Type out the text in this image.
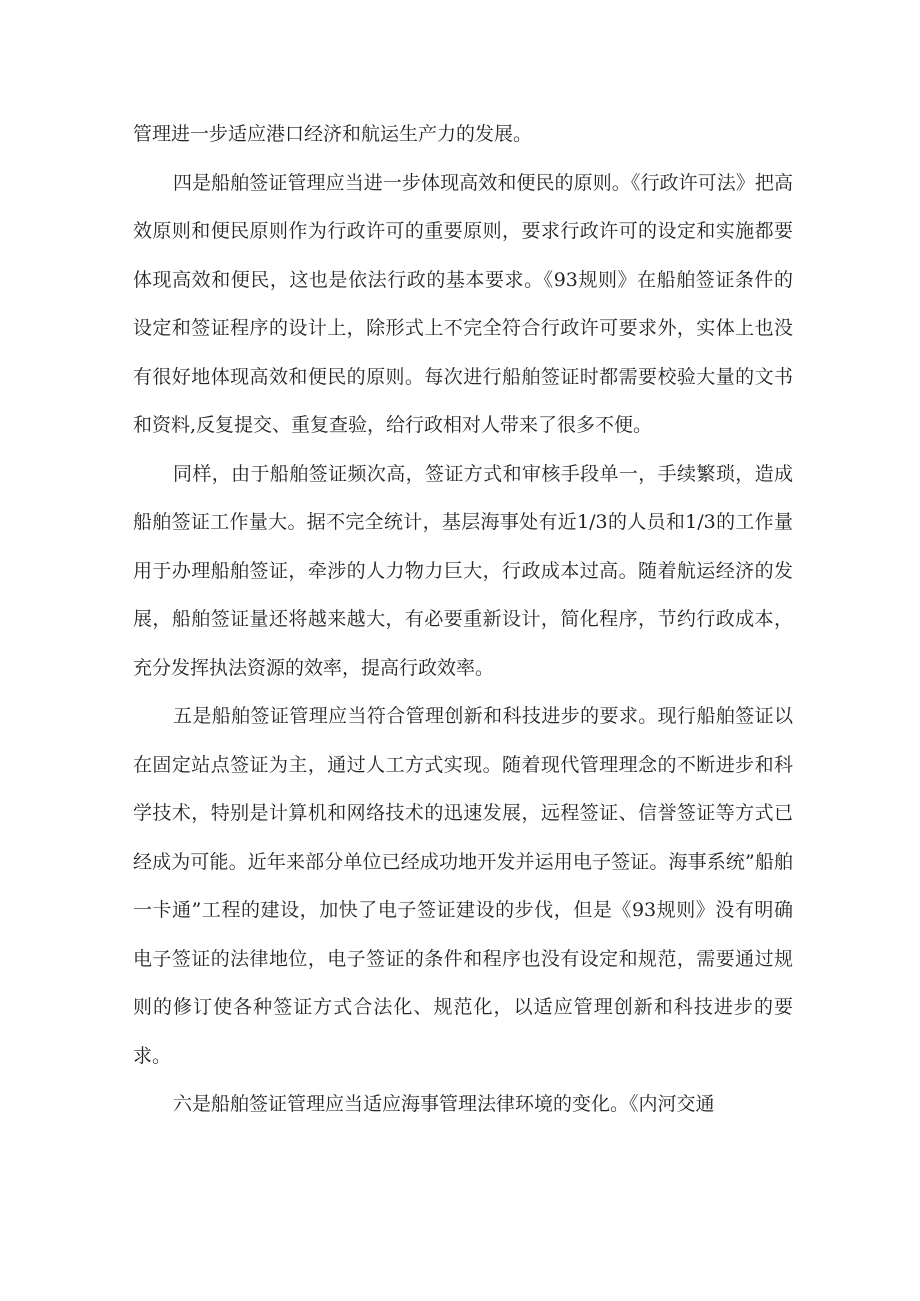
管理进一步适应港口经济和航运生产力的发展。

四是船舶签证管理应当进一步体现高效和便民的原则。《行政许可法》把高效原则和便民原则作为行政许可的重要原则，要求行政许可的设定和实施都要体现高效和便民，这也是依法行政的基本要求。《93规则》在船舶签证条件的设定和签证程序的设计上，除形式上不完全符合行政许可要求外，实体上也没有很好地体现高效和便民的原则。每次进行船舶签证时都需要校验大量的文书和资料,反复提交、重复查验，给行政相对人带来了很多不便。

同样，由于船舶签证频次高，签证方式和审核手段单一，手续繁琐，造成船舶签证工作量大。据不完全统计，基层海事处有近1/3的人员和1/3的工作量用于办理船舶签证，牵涉的人力物力巨大，行政成本过高。随着航运经济的发展，船舶签证量还将越来越大，有必要重新设计，简化程序，节约行政成本，充分发挥执法资源的效率，提高行政效率。

五是船舶签证管理应当符合管理创新和科技进步的要求。现行船舶签证以在固定站点签证为主，通过人工方式实现。随着现代管理理念的不断进步和科学技术，特别是计算机和网络技术的迅速发展，远程签证、信誉签证等方式已经成为可能。近年来部分单位已经成功地开发并运用电子签证。海事系统”船舶一卡通”工程的建设，加快了电子签证建设的步伐，但是《93规则》没有明确电子签证的法律地位，电子签证的条件和程序也没有设定和规范，需要通过规则的修订使各种签证方式合法化、规范化，以适应管理创新和科技进步的要求。

六是船舶签证管理应当适应海事管理法律环境的变化。《内河交通
